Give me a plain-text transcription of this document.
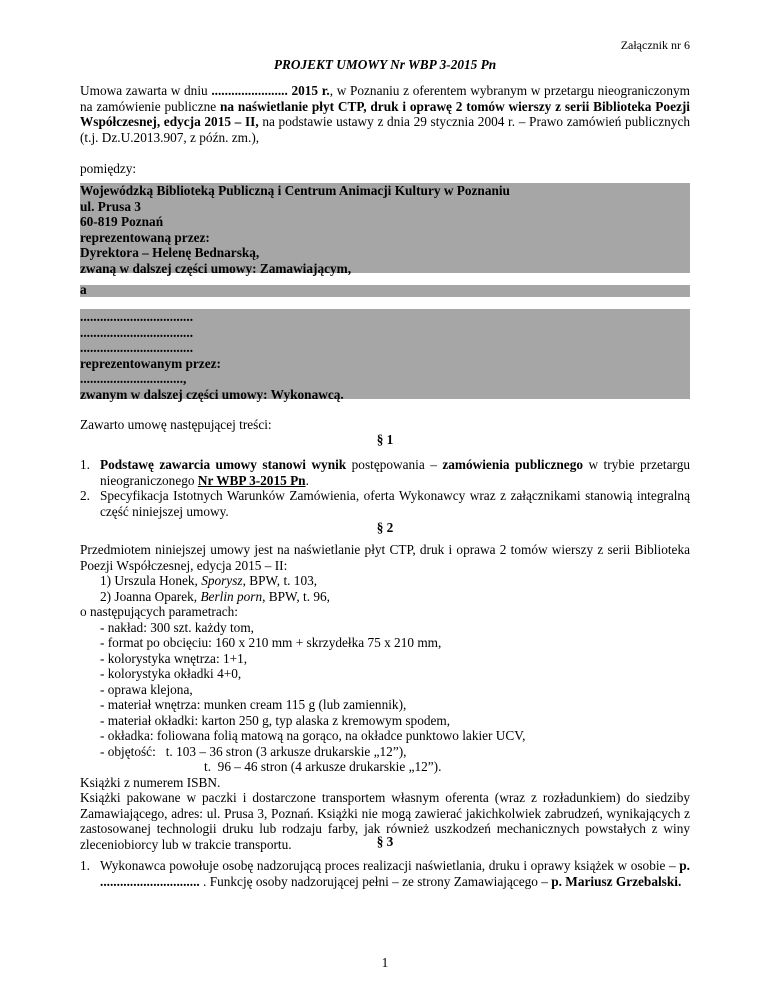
Załącznik nr 6
PROJEKT UMOWY Nr WBP 3-2015 Pn
Umowa zawarta w dniu ....................... 2015 r., w Poznaniu z oferentem wybranym w przetargu nieograniczonym na zamówienie publiczne na naświetlanie płyt CTP, druk i oprawę 2 tomów wierszy z serii Biblioteka Poezji Współczesnej, edycja 2015 – II, na podstawie ustawy z dnia 29 stycznia 2004 r. – Prawo zamówień publicznych (t.j. Dz.U.2013.907, z późn. zm.),
pomiędzy:
Wojewódzką Biblioteką Publiczną i Centrum Animacji Kultury w Poznaniu
ul. Prusa 3
60-819 Poznań
reprezentowaną przez:
Dyrektora – Helenę Bednarską,
zwaną w dalszej części umowy: Zamawiającym,
a
..................................
..................................
..................................
reprezentowanym przez:
...............................,
zwanym w dalszej części umowy: Wykonawcą.
Zawarto umowę następującej treści:
§ 1
1. Podstawę zawarcia umowy stanowi wynik postępowania – zamówienia publicznego w trybie przetargu nieograniczonego Nr WBP 3-2015 Pn.
2. Specyfikacja Istotnych Warunków Zamówienia, oferta Wykonawcy wraz z załącznikami stanowią integralną część niniejszej umowy.
§ 2
Przedmiotem niniejszej umowy jest na naświetlanie płyt CTP, druk i oprawa 2 tomów wierszy z serii Biblioteka Poezji Współczesnej, edycja 2015 – II:
1) Urszula Honek, Sporysz, BPW, t. 103,
2) Joanna Oparek, Berlin porn, BPW, t. 96,
o następujących parametrach:
- nakład: 300 szt. każdy tom,
- format po obcięciu: 160 x 210 mm + skrzydełka 75 x 210 mm,
- kolorystyka wnętrza: 1+1,
- kolorystyka okładki 4+0,
- oprawa klejona,
- materiał wnętrza: munken cream 115 g (lub zamiennik),
- materiał okładki: karton 250 g, typ alaska z kremowym spodem,
- okładka: foliowana folią matową na gorąco, na okładce punktowo lakier UCV,
- objętość:   t. 103 – 36 stron (3 arkusze drukarskie „12”),
t.  96 – 46 stron (4 arkusze drukarskie „12”).
Książki z numerem ISBN.
Książki pakowane w paczki i dostarczone transportem własnym oferenta (wraz z rozładunkiem) do siedziby Zamawiającego, adres: ul. Prusa 3, Poznań. Książki nie mogą zawierać jakichkolwiek zabrudzeń, wynikających z zastosowanej technologii druku lub rodzaju farby, jak również uszkodzeń mechanicznych powstałych z winy zleceniobiorcy lub w trakcie transportu.	§ 3
1. Wykonawca powołuje osobę nadzorującą proces realizacji naświetlania, druku i oprawy książek w osobie – p. .............................. . Funkcję osoby nadzorującej pełni – ze strony Zamawiającego – p. Mariusz Grzebalski.
1
